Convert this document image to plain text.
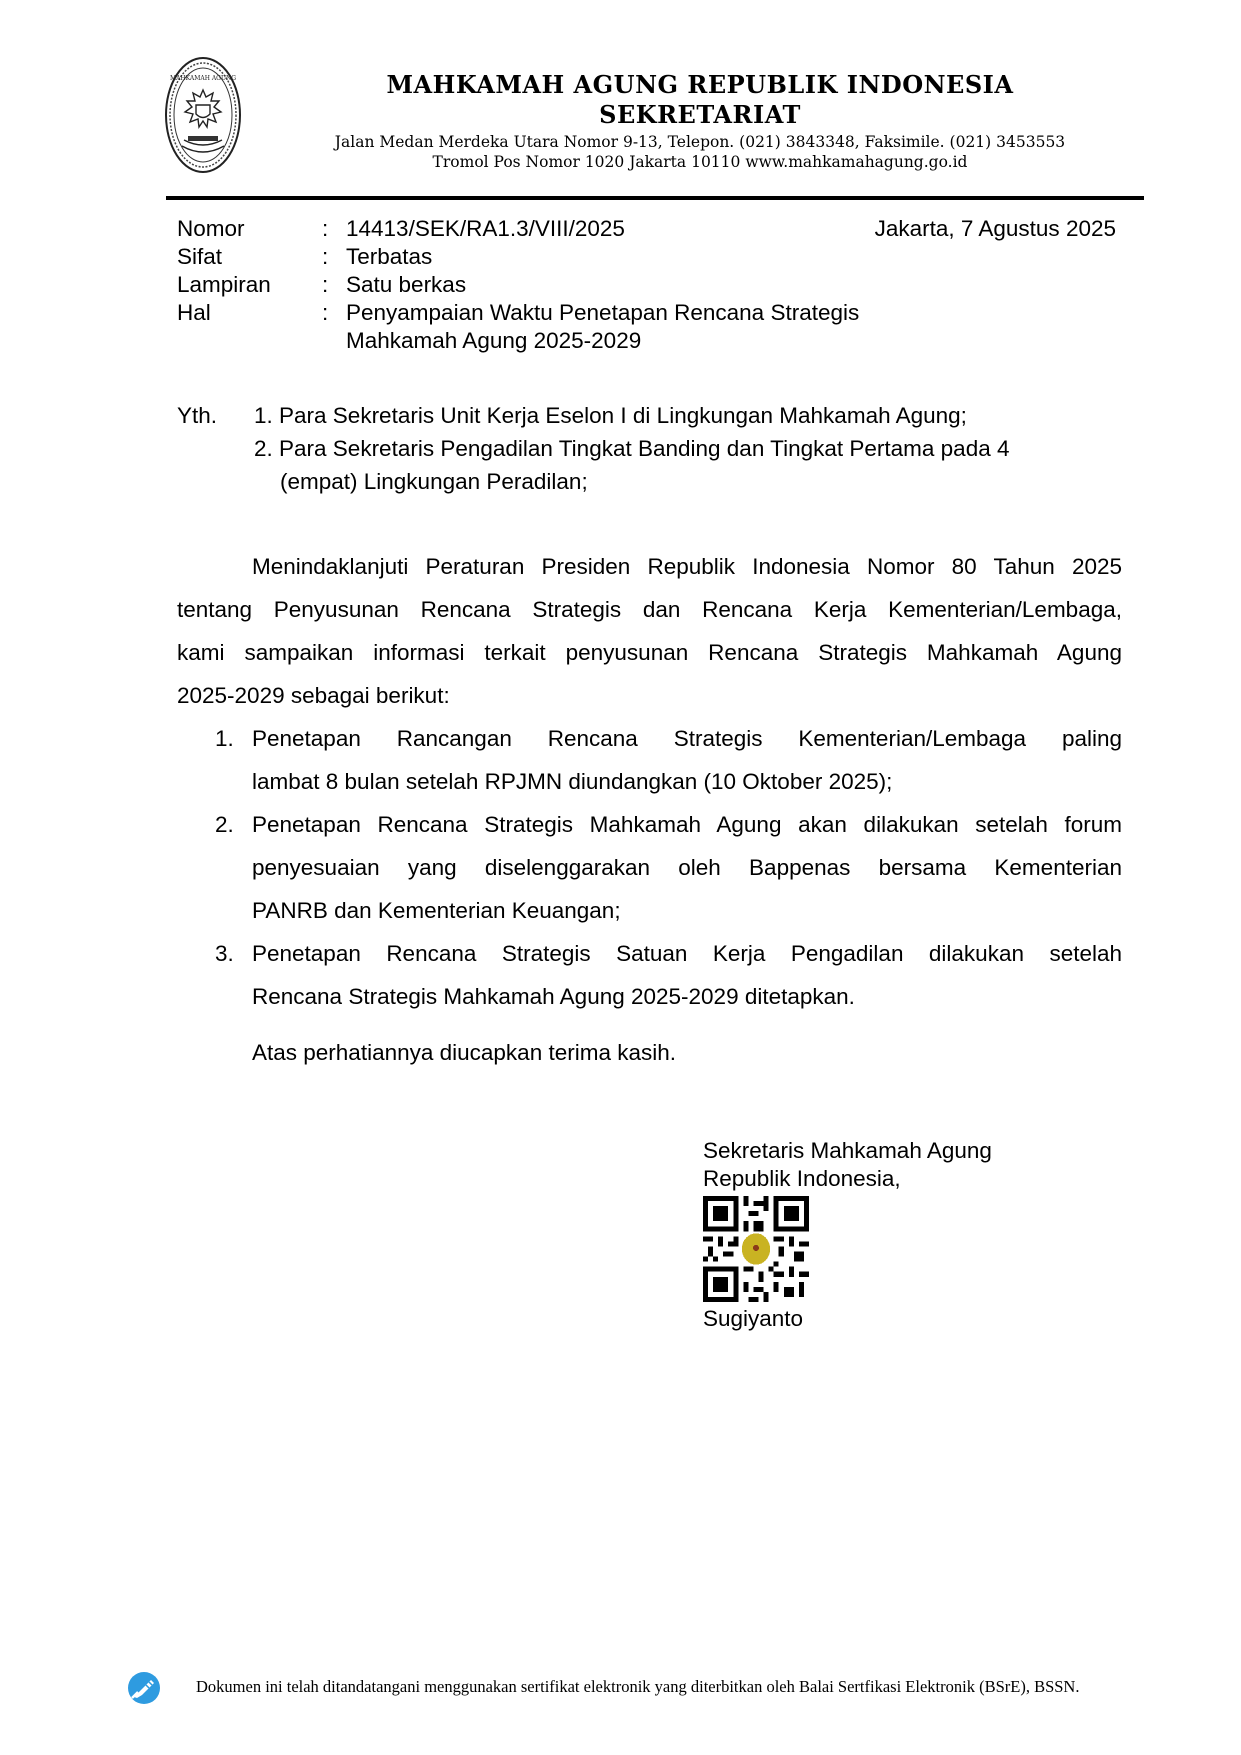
MAHKAMAH AGUNG	MAHKAMAH AGUNG REPUBLIK INDONESIA
SEKRETARIAT
Jalan Medan Merdeka Utara Nomor 9-13, Telepon. (021) 3843348, Faksimile. (021) 3453553
Tromol Pos Nomor 1020 Jakarta 10110 www.mahkamahagung.go.id
Jakarta, 7 Agustus 2025
Nomor	: 14413/SEK/RA1.3/VIII/2025
Sifat	: Terbatas
Lampiran : Satu berkas
Hal	: Penyampaian Waktu Penetapan Rencana Strategis
Mahkamah Agung 2025-2029
Yth. 1. Para Sekretaris Unit Kerja Eselon I di Lingkungan Mahkamah Agung;
2. Para Sekretaris Pengadilan Tingkat Banding dan Tingkat Pertama pada 4
(empat) Lingkungan Peradilan;
Menindaklanjuti Peraturan Presiden Republik Indonesia Nomor 80 Tahun 2025
tentang Penyusunan Rencana Strategis dan Rencana Kerja Kementerian/Lembaga,
kami sampaikan informasi terkait penyusunan Rencana Strategis Mahkamah Agung
2025-2029 sebagai berikut:
1. Penetapan Rancangan Rencana Strategis Kementerian/Lembaga paling
lambat 8 bulan setelah RPJMN diundangkan (10 Oktober 2025);
2. Penetapan Rencana Strategis Mahkamah Agung akan dilakukan setelah forum
penyesuaian yang diselenggarakan oleh Bappenas bersama Kementerian
PANRB dan Kementerian Keuangan;
3. Penetapan Rencana Strategis Satuan Kerja Pengadilan dilakukan setelah
Rencana Strategis Mahkamah Agung 2025-2029 ditetapkan.
Atas perhatiannya diucapkan terima kasih.
Sekretaris Mahkamah Agung
Republik Indonesia,
Sugiyanto
Dokumen ini telah ditandatangani menggunakan sertifikat elektronik yang diterbitkan oleh Balai Sertfikasi Elektronik (BSrE), BSSN.
